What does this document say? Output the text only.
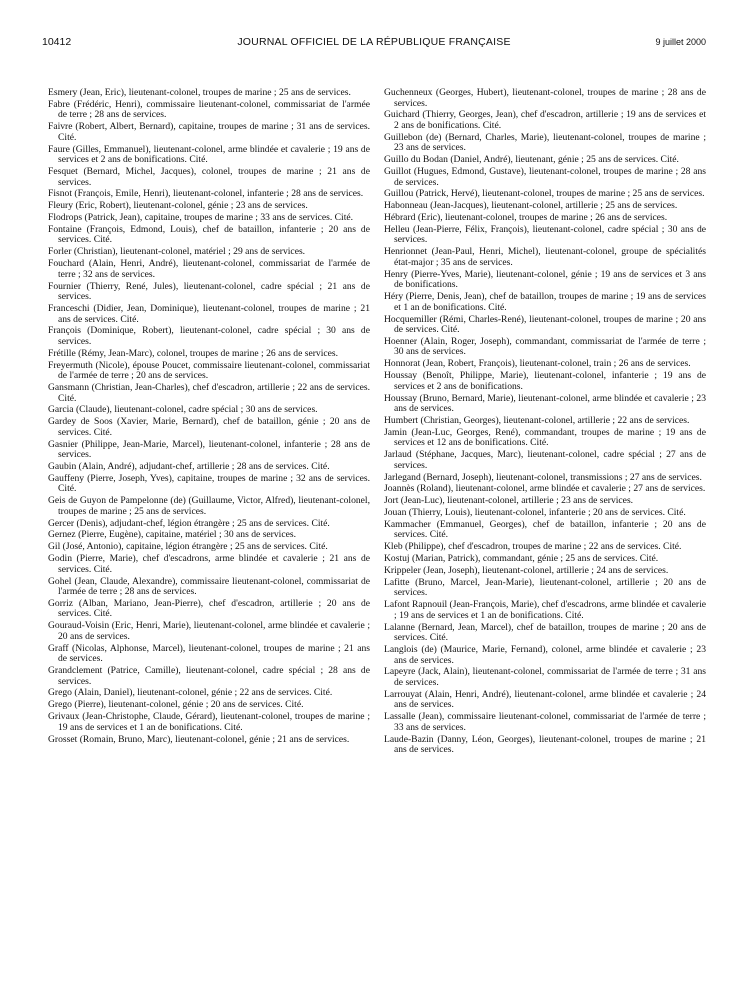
10412	JOURNAL OFFICIEL DE LA RÉPUBLIQUE FRANÇAISE	9 juillet 2000

Esmery (Jean, Eric), lieutenant-colonel, troupes de marine ; 25 ans de services.

Fabre (Frédéric, Henri), commissaire lieutenant-colonel, commissariat de l'armée de terre ; 28 ans de services.

Faivre (Robert, Albert, Bernard), capitaine, troupes de marine ; 31 ans de services. Cité.

Faure (Gilles, Emmanuel), lieutenant-colonel, arme blindée et cavalerie ; 19 ans de services et 2 ans de bonifications. Cité.

Fesquet (Bernard, Michel, Jacques), colonel, troupes de marine ; 21 ans de services.

Fisnot (François, Emile, Henri), lieutenant-colonel, infanterie ; 28 ans de services.

Fleury (Eric, Robert), lieutenant-colonel, génie ; 23 ans de services.

Flodrops (Patrick, Jean), capitaine, troupes de marine ; 33 ans de services. Cité.

Fontaine (François, Edmond, Louis), chef de bataillon, infanterie ; 20 ans de services. Cité.

Forler (Christian), lieutenant-colonel, matériel ; 29 ans de services.

Fouchard (Alain, Henri, André), lieutenant-colonel, commissariat de l'armée de terre ; 32 ans de services.

Fournier (Thierry, René, Jules), lieutenant-colonel, cadre spécial ; 21 ans de services.

Franceschi (Didier, Jean, Dominique), lieutenant-colonel, troupes de marine ; 21 ans de services. Cité.

François (Dominique, Robert), lieutenant-colonel, cadre spécial ; 30 ans de services.

Frétille (Rémy, Jean-Marc), colonel, troupes de marine ; 26 ans de services.

Freyermuth (Nicole), épouse Poucet, commissaire lieutenant-colonel, commissariat de l'armée de terre ; 20 ans de services.

Gansmann (Christian, Jean-Charles), chef d'escadron, artillerie ; 22 ans de services. Cité.

Garcia (Claude), lieutenant-colonel, cadre spécial ; 30 ans de services.

Gardey de Soos (Xavier, Marie, Bernard), chef de bataillon, génie ; 20 ans de services. Cité.

Gasnier (Philippe, Jean-Marie, Marcel), lieutenant-colonel, infanterie ; 28 ans de services.

Gaubin (Alain, André), adjudant-chef, artillerie ; 28 ans de services. Cité.

Gauffeny (Pierre, Joseph, Yves), capitaine, troupes de marine ; 32 ans de services. Cité.

Geis de Guyon de Pampelonne (de) (Guillaume, Victor, Alfred), lieutenant-colonel, troupes de marine ; 25 ans de services.

Gercer (Denis), adjudant-chef, légion étrangère ; 25 ans de services. Cité.

Gernez (Pierre, Eugène), capitaine, matériel ; 30 ans de services.

Gil (José, Antonio), capitaine, légion étrangère ; 25 ans de services. Cité.

Godin (Pierre, Marie), chef d'escadrons, arme blindée et cavalerie ; 21 ans de services. Cité.

Gohel (Jean, Claude, Alexandre), commissaire lieutenant-colonel, commissariat de l'armée de terre ; 28 ans de services.

Gorriz (Alban, Mariano, Jean-Pierre), chef d'escadron, artillerie ; 20 ans de services. Cité.

Gouraud-Voisin (Eric, Henri, Marie), lieutenant-colonel, arme blindée et cavalerie ; 20 ans de services.

Graff (Nicolas, Alphonse, Marcel), lieutenant-colonel, troupes de marine ; 21 ans de services.

Grandclement (Patrice, Camille), lieutenant-colonel, cadre spécial ; 28 ans de services.

Grego (Alain, Daniel), lieutenant-colonel, génie ; 22 ans de services. Cité.

Grego (Pierre), lieutenant-colonel, génie ; 20 ans de services. Cité.

Grivaux (Jean-Christophe, Claude, Gérard), lieutenant-colonel, troupes de marine ; 19 ans de services et 1 an de bonifications. Cité.

Grosset (Romain, Bruno, Marc), lieutenant-colonel, génie ; 21 ans de services.

Guchenneux (Georges, Hubert), lieutenant-colonel, troupes de marine ; 28 ans de services.

Guichard (Thierry, Georges, Jean), chef d'escadron, artillerie ; 19 ans de services et 2 ans de bonifications. Cité.

Guillebon (de) (Bernard, Charles, Marie), lieutenant-colonel, troupes de marine ; 23 ans de services.

Guillo du Bodan (Daniel, André), lieutenant, génie ; 25 ans de services. Cité.

Guillot (Hugues, Edmond, Gustave), lieutenant-colonel, troupes de marine ; 28 ans de services.

Guillou (Patrick, Hervé), lieutenant-colonel, troupes de marine ; 25 ans de services.

Habonneau (Jean-Jacques), lieutenant-colonel, artillerie ; 25 ans de services.

Hébrard (Eric), lieutenant-colonel, troupes de marine ; 26 ans de services.

Helleu (Jean-Pierre, Félix, François), lieutenant-colonel, cadre spécial ; 30 ans de services.

Henrionnet (Jean-Paul, Henri, Michel), lieutenant-colonel, groupe de spécialités état-major ; 35 ans de services.

Henry (Pierre-Yves, Marie), lieutenant-colonel, génie ; 19 ans de services et 3 ans de bonifications.

Héry (Pierre, Denis, Jean), chef de bataillon, troupes de marine ; 19 ans de services et 1 an de bonifications. Cité.

Hocquemiller (Rémi, Charles-René), lieutenant-colonel, troupes de marine ; 20 ans de services. Cité.

Hoenner (Alain, Roger, Joseph), commandant, commissariat de l'armée de terre ; 30 ans de services.

Honnorat (Jean, Robert, François), lieutenant-colonel, train ; 26 ans de services.

Houssay (Benoît, Philippe, Marie), lieutenant-colonel, infanterie ; 19 ans de services et 2 ans de bonifications.

Houssay (Bruno, Bernard, Marie), lieutenant-colonel, arme blindée et cavalerie ; 23 ans de services.

Humbert (Christian, Georges), lieutenant-colonel, artillerie ; 22 ans de services.

Jamin (Jean-Luc, Georges, René), commandant, troupes de marine ; 19 ans de services et 12 ans de bonifications. Cité.

Jarlaud (Stéphane, Jacques, Marc), lieutenant-colonel, cadre spécial ; 27 ans de services.

Jarlegand (Bernard, Joseph), lieutenant-colonel, transmissions ; 27 ans de services.

Joannès (Roland), lieutenant-colonel, arme blindée et cavalerie ; 27 ans de services.

Jort (Jean-Luc), lieutenant-colonel, artillerie ; 23 ans de services.

Jouan (Thierry, Louis), lieutenant-colonel, infanterie ; 20 ans de services. Cité.

Kammacher (Emmanuel, Georges), chef de bataillon, infanterie ; 20 ans de services. Cité.

Kleb (Philippe), chef d'escadron, troupes de marine ; 22 ans de services. Cité.

Kostuj (Marian, Patrick), commandant, génie ; 25 ans de services. Cité.

Krippeler (Jean, Joseph), lieutenant-colonel, artillerie ; 24 ans de services.

Lafitte (Bruno, Marcel, Jean-Marie), lieutenant-colonel, artillerie ; 20 ans de services.

Lafont Rapnouil (Jean-François, Marie), chef d'escadrons, arme blindée et cavalerie ; 19 ans de services et 1 an de bonifications. Cité.

Lalanne (Bernard, Jean, Marcel), chef de bataillon, troupes de marine ; 20 ans de services. Cité.

Langlois (de) (Maurice, Marie, Fernand), colonel, arme blindée et cavalerie ; 23 ans de services.

Lapeyre (Jack, Alain), lieutenant-colonel, commissariat de l'armée de terre ; 31 ans de services.

Larrouyat (Alain, Henri, André), lieutenant-colonel, arme blindée et cavalerie ; 24 ans de services.

Lassalle (Jean), commissaire lieutenant-colonel, commissariat de l'armée de terre ; 33 ans de services.

Laude-Bazin (Danny, Léon, Georges), lieutenant-colonel, troupes de marine ; 21 ans de services.
